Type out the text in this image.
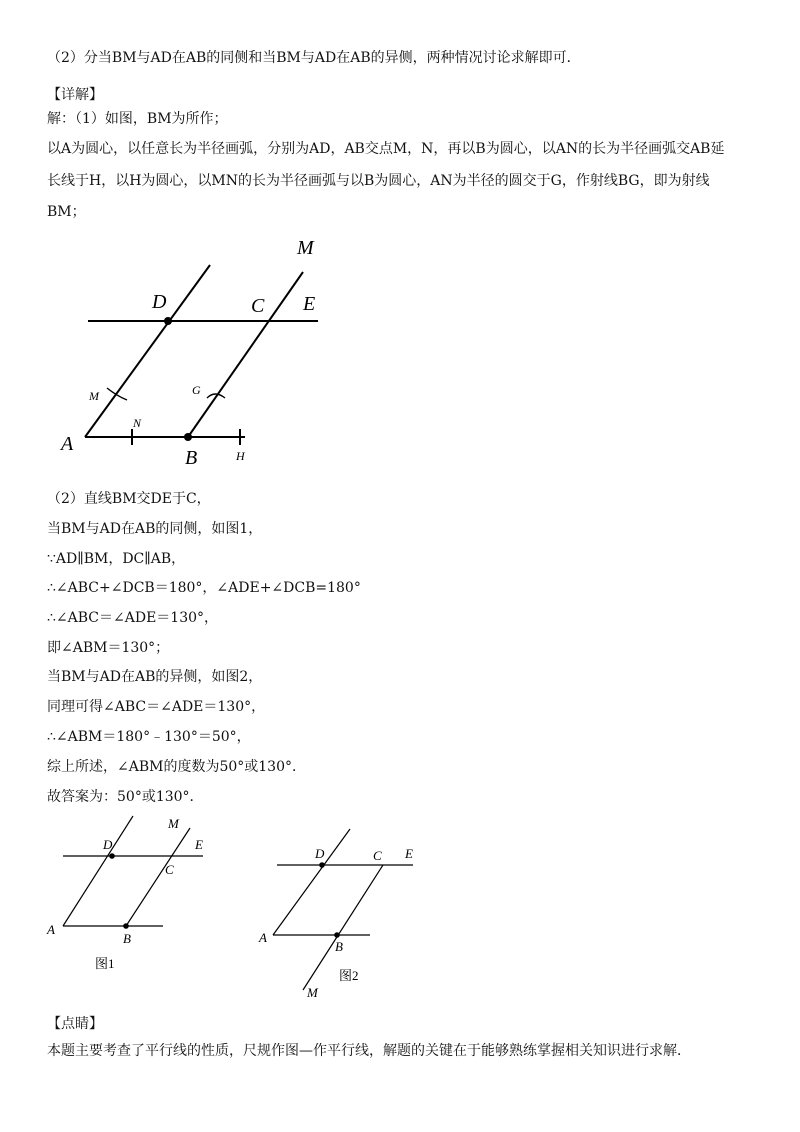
（2）分当BM与AD在AB的同侧和当BM与AD在AB的异侧，两种情况讨论求解即可．
【详解】
解：（1）如图，BM为所作；
以A为圆心，以任意长为半径画弧，分别为AD，AB交点M，N，再以B为圆心，以AN的长为半径画弧交AB延
长线于H，以H为圆心，以MN的长为半径画弧与以B为圆心，AN为半径的圆交于G，作射线BG，即为射线
BM；
D	C E
M
M	G
N
A
B	H
（2）直线BM交DE于C，
当BM与AD在AB的同侧，如图1，
∵AD∥BM，DC∥AB，
∴∠ABC+∠DCB＝180°，∠ADE+∠DCB=180°
∴∠ABC＝∠ADE＝130°，
即∠ABM＝130°；
当BM与AD在AB的异侧，如图2，
同理可得∠ABC＝∠ADE＝130°，
∴∠ABM＝180°﹣130°＝50°，
综上所述，∠ABM的度数为50°或130°．
故答案为：50°或130°．
D
C
E
M
A
B
图1
D	C E
A
B
M
图2
【点睛】
本题主要考查了平行线的性质，尺规作图—作平行线，解题的关键在于能够熟练掌握相关知识进行求解．
